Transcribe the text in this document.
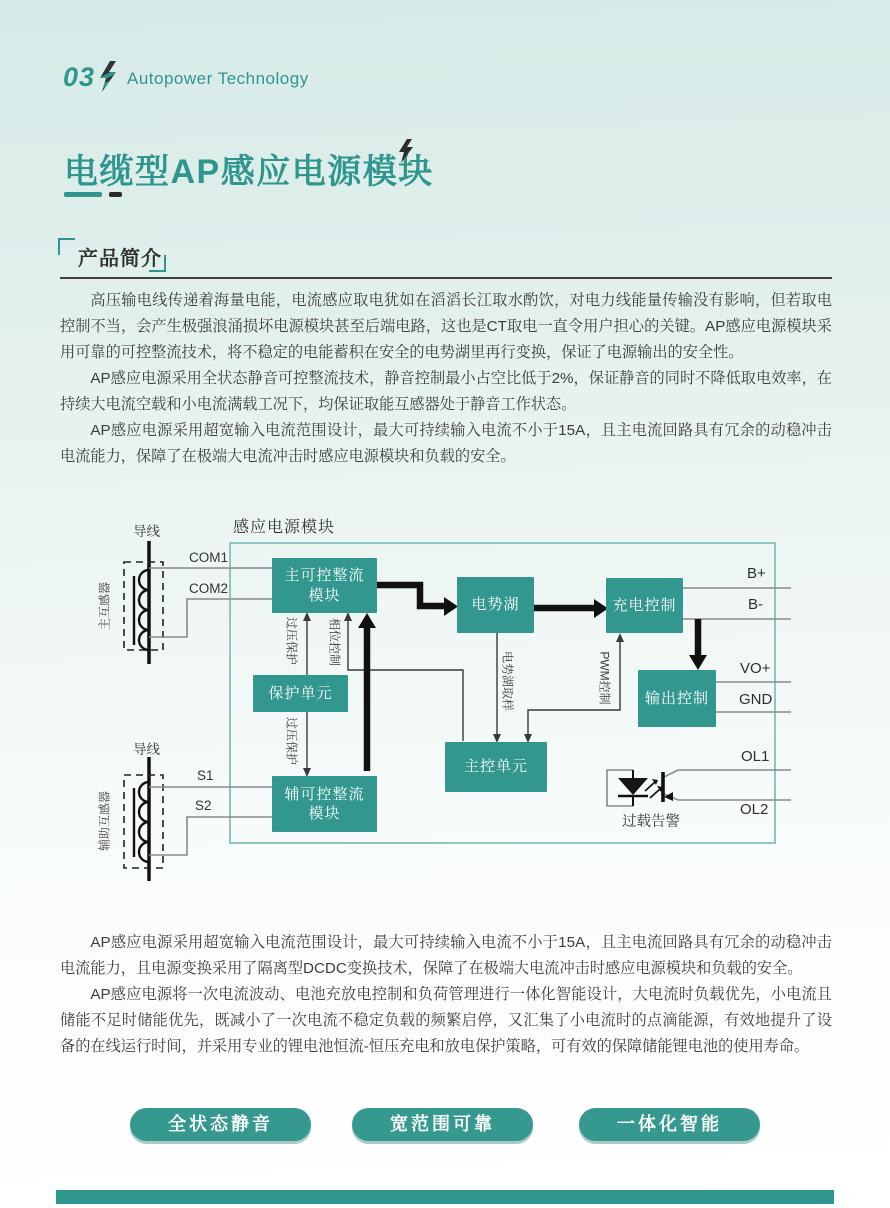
03 Autopower Technology
电缆型AP感应电源模块
产品简介

高压输电线传递着海量电能，电流感应取电犹如在滔滔长江取水酌饮，对电力线能量传输没有影响，但若取电控制不当，会产生极强浪涌损坏电源模块甚至后端电路，这也是CT取电一直令用户担心的关键。AP感应电源模块采用可靠的可控整流技术，将不稳定的电能蓄积在安全的电势湖里再行变换，保证了电源输出的安全性。

AP感应电源采用全状态静音可控整流技术，静音控制最小占空比低于2%，保证静音的同时不降低取电效率，在持续大电流空载和小电流满载工况下，均保证取能互感器处于静音工作状态。

AP感应电源采用超宽输入电流范围设计，最大可持续输入电流不小于15A，且主电流回路具有冗余的动稳冲击电流能力，保障了在极端大电流冲击时感应电源模块和负载的安全。

感应电源模块
导线
导线
主互感器
辅助互感器
COM1
COM2
S1
S2
B+
B-
VO+
GND
OL1
OL2
过压保护 相位控制
过压保护
电势湖取样	PWM控制
过载告警
主可控整流
模块
保护单元
辅可控整流
模块
电势湖	充电控制
输出控制
主控单元

AP感应电源采用超宽输入电流范围设计，最大可持续输入电流不小于15A，且主电流回路具有冗余的动稳冲击电流能力，且电源变换采用了隔离型DCDC变换技术，保障了在极端大电流冲击时感应电源模块和负载的安全。

AP感应电源将一次电流波动、电池充放电控制和负荷管理进行一体化智能设计，大电流时负载优先，小电流且储能不足时储能优先，既减小了一次电流不稳定负载的频繁启停，又汇集了小电流时的点滴能源，有效地提升了设备的在线运行时间，并采用专业的锂电池恒流-恒压充电和放电保护策略，可有效的保障储能锂电池的使用寿命。

全状态静音	宽范围可靠	一体化智能
